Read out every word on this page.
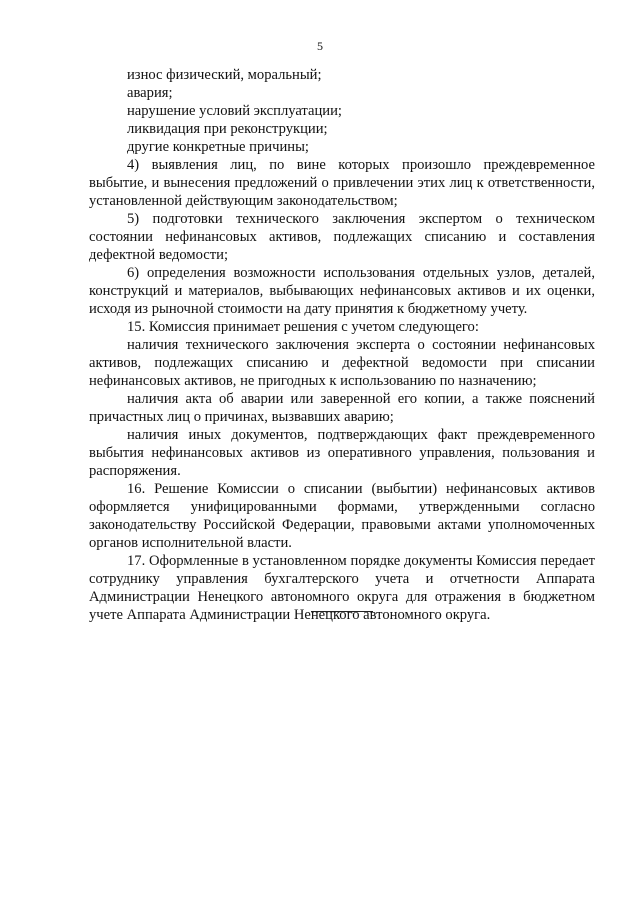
5

износ физический, моральный;

авария;

нарушение условий эксплуатации;

ликвидация при реконструкции;

другие конкретные причины;

4) выявления лиц, по вине которых произошло преждевременное выбытие, и вынесения предложений о привлечении этих лиц к ответственности, установленной действующим законодательством;

5) подготовки технического заключения экспертом о техническом состоянии нефинансовых активов, подлежащих списанию и составления дефектной ведомости;

6) определения возможности использования отдельных узлов, деталей, конструкций и материалов, выбывающих нефинансовых активов и их оценки, исходя из рыночной стоимости на дату принятия к бюджетному учету.

15. Комиссия принимает решения с учетом следующего:

наличия технического заключения эксперта о состоянии нефинансовых активов, подлежащих списанию и дефектной ведомости при списании нефинансовых активов, не пригодных к использованию по назначению;

наличия акта об аварии или заверенной его копии, а также пояснений причастных лиц о причинах, вызвавших аварию;

наличия иных документов, подтверждающих факт преждевременного выбытия нефинансовых активов из оперативного управления, пользования и распоряжения.

16. Решение Комиссии о списании (выбытии) нефинансовых активов оформляется унифицированными формами, утвержденными согласно законодательству Российской Федерации, правовыми актами уполномоченных органов исполнительной власти.

17. Оформленные в установленном порядке документы Комиссия передает сотруднику управления бухгалтерского учета и отчетности Аппарата Администрации Ненецкого автономного округа для отражения в бюджетном учете Аппарата Администрации Ненецкого автономного округа.
